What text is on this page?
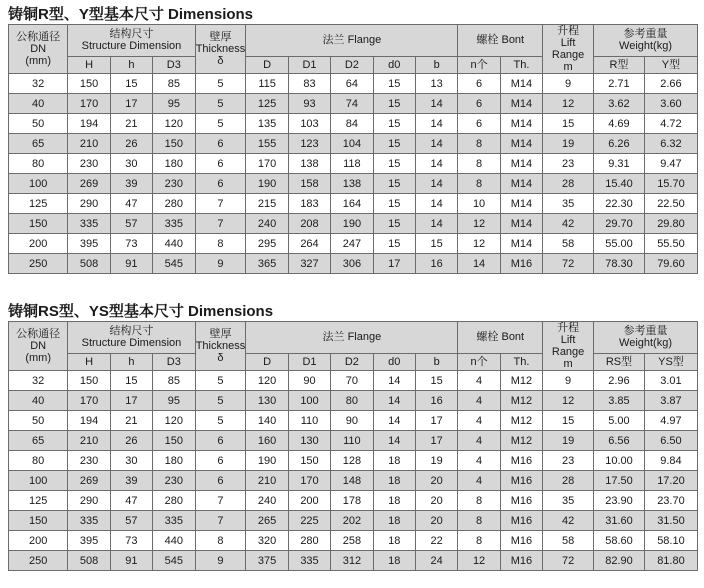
铸铜R型、Y型基本尺寸 Dimensions
公称通径
DN
(mm)	结构尺寸
Structure Dimension			壁厚
Thickness
δ	法兰 Flange					螺栓 Bont		升程
Lift Range
m	参考重量
Weight(kg)	

	H	h	D3		D	D1	D2	d0	b	n个	Th.		R型	Y型
32	150	15	85	5	115	83	64	15	13	6	M14	9	2.71	2.66
40	170	17	95	5	125	93	74	15	14	6	M14	12	3.62	3.60
50	194	21	120	5	135	103	84	15	14	6	M14	15	4.69	4.72
65	210	26	150	6	155	123	104	15	14	8	M14	19	6.26	6.32
80	230	30	180	6	170	138	118	15	14	8	M14	23	9.31	9.47
100	269	39	230	6	190	158	138	15	14	8	M14	28	15.40	15.70
125	290	47	280	7	215	183	164	15	14	10	M14	35	22.30	22.50
150	335	57	335	7	240	208	190	15	14	12	M14	42	29.70	29.80
200	395	73	440	8	295	264	247	15	15	12	M14	58	55.00	55.50
250	508	91	545	9	365	327	306	17	16	14	M16	72	78.30	79.60
铸铜RS型、YS型基本尺寸 Dimensions
公称通径
DN
(mm)	结构尺寸
Structure Dimension			壁厚
Thickness
δ	法兰 Flange					螺栓 Bont		升程
Lift Range
m	参考重量
Weight(kg)	

	H	h	D3		D	D1	D2	d0	b	n个	Th.		RS型	YS型
32	150	15	85	5	120	90	70	14	15	4	M12	9	2.96	3.01
40	170	17	95	5	130	100	80	14	16	4	M12	12	3.85	3.87
50	194	21	120	5	140	110	90	14	17	4	M12	15	5.00	4.97
65	210	26	150	6	160	130	110	14	17	4	M12	19	6.56	6.50
80	230	30	180	6	190	150	128	18	19	4	M16	23	10.00	9.84
100	269	39	230	6	210	170	148	18	20	4	M16	28	17.50	17.20
125	290	47	280	7	240	200	178	18	20	8	M16	35	23.90	23.70
150	335	57	335	7	265	225	202	18	20	8	M16	42	31.60	31.50
200	395	73	440	8	320	280	258	18	22	8	M16	58	58.60	58.10
250	508	91	545	9	375	335	312	18	24	12	M16	72	82.90	81.80
